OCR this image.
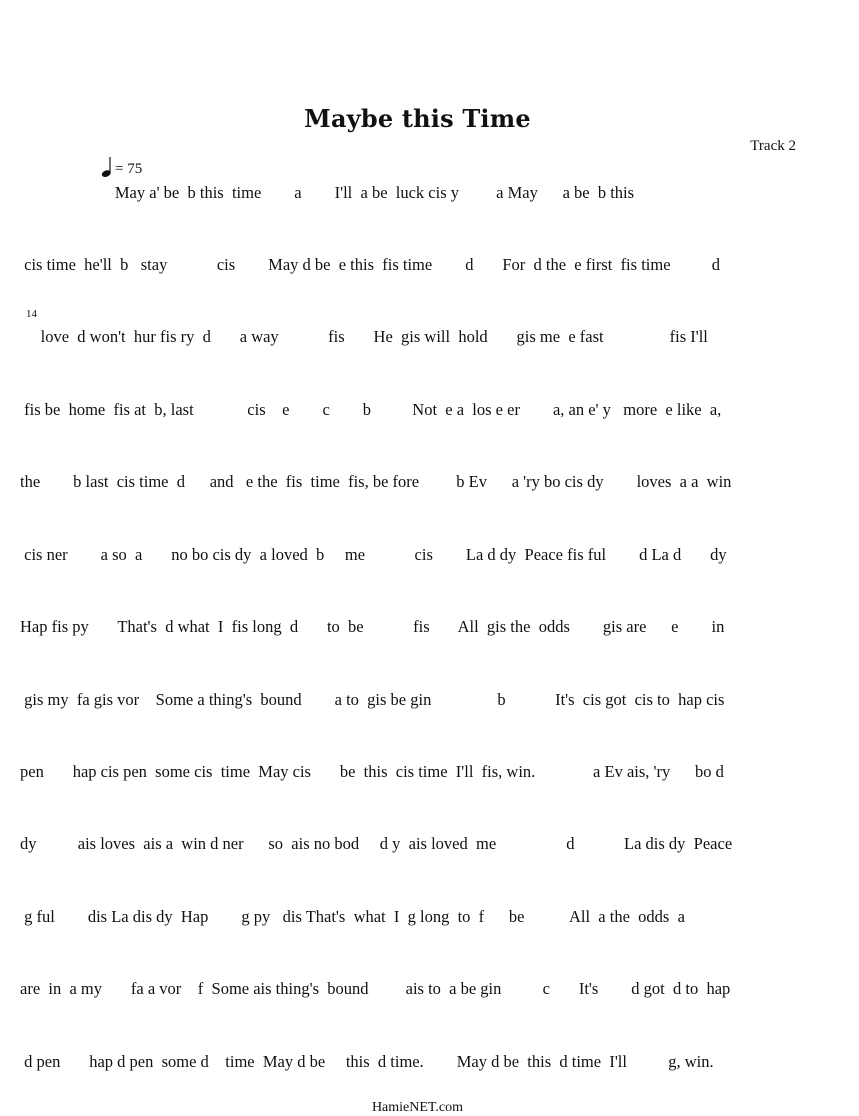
Maybe this Time
Track 2
= 75
14
May a' be  b this  time        a        I'll  a be  luck cis y         a May      a be  b this
cis time  he'll  b   stay            cis        May d be  e this  fis time        d       For  d the  e first  fis time          d
love  d won't  hur fis ry  d       a way            fis       He  gis will  hold       gis me  e fast                fis I'll
fis be  home  fis at  b, last             cis    e        c        b          Not  e a  los e er        a, an e' y   more  e like  a,
the        b last  cis time  d      and   e the  fis  time  fis, be fore         b Ev      a 'ry bo cis dy        loves  a a  win
cis ner        a so  a       no bo cis dy  a loved  b     me            cis        La d dy  Peace fis ful        d La d       dy
Hap fis py       That's  d what  I  fis long  d       to  be            fis       All  gis the  odds        gis are      e        in
gis my  fa gis vor    Some a thing's  bound        a to  gis be gin                b            It's  cis got  cis to  hap cis
pen       hap cis pen  some cis  time  May cis       be  this  cis time  I'll  fis, win.              a Ev ais, 'ry      bo d
dy          ais loves  ais a  win d ner      so  ais no bod     d y  ais loved  me                 d            La dis dy  Peace
g ful        dis La dis dy  Hap        g py   dis That's  what  I  g long  to  f      be           All  a the  odds  a
are  in  a my       fa a vor    f  Some ais thing's  bound         ais to  a be gin          c       It's        d got  d to  hap
d pen       hap d pen  some d    time  May d be     this  d time.        May d be  this  d time  I'll          g, win.
HamieNET.com
